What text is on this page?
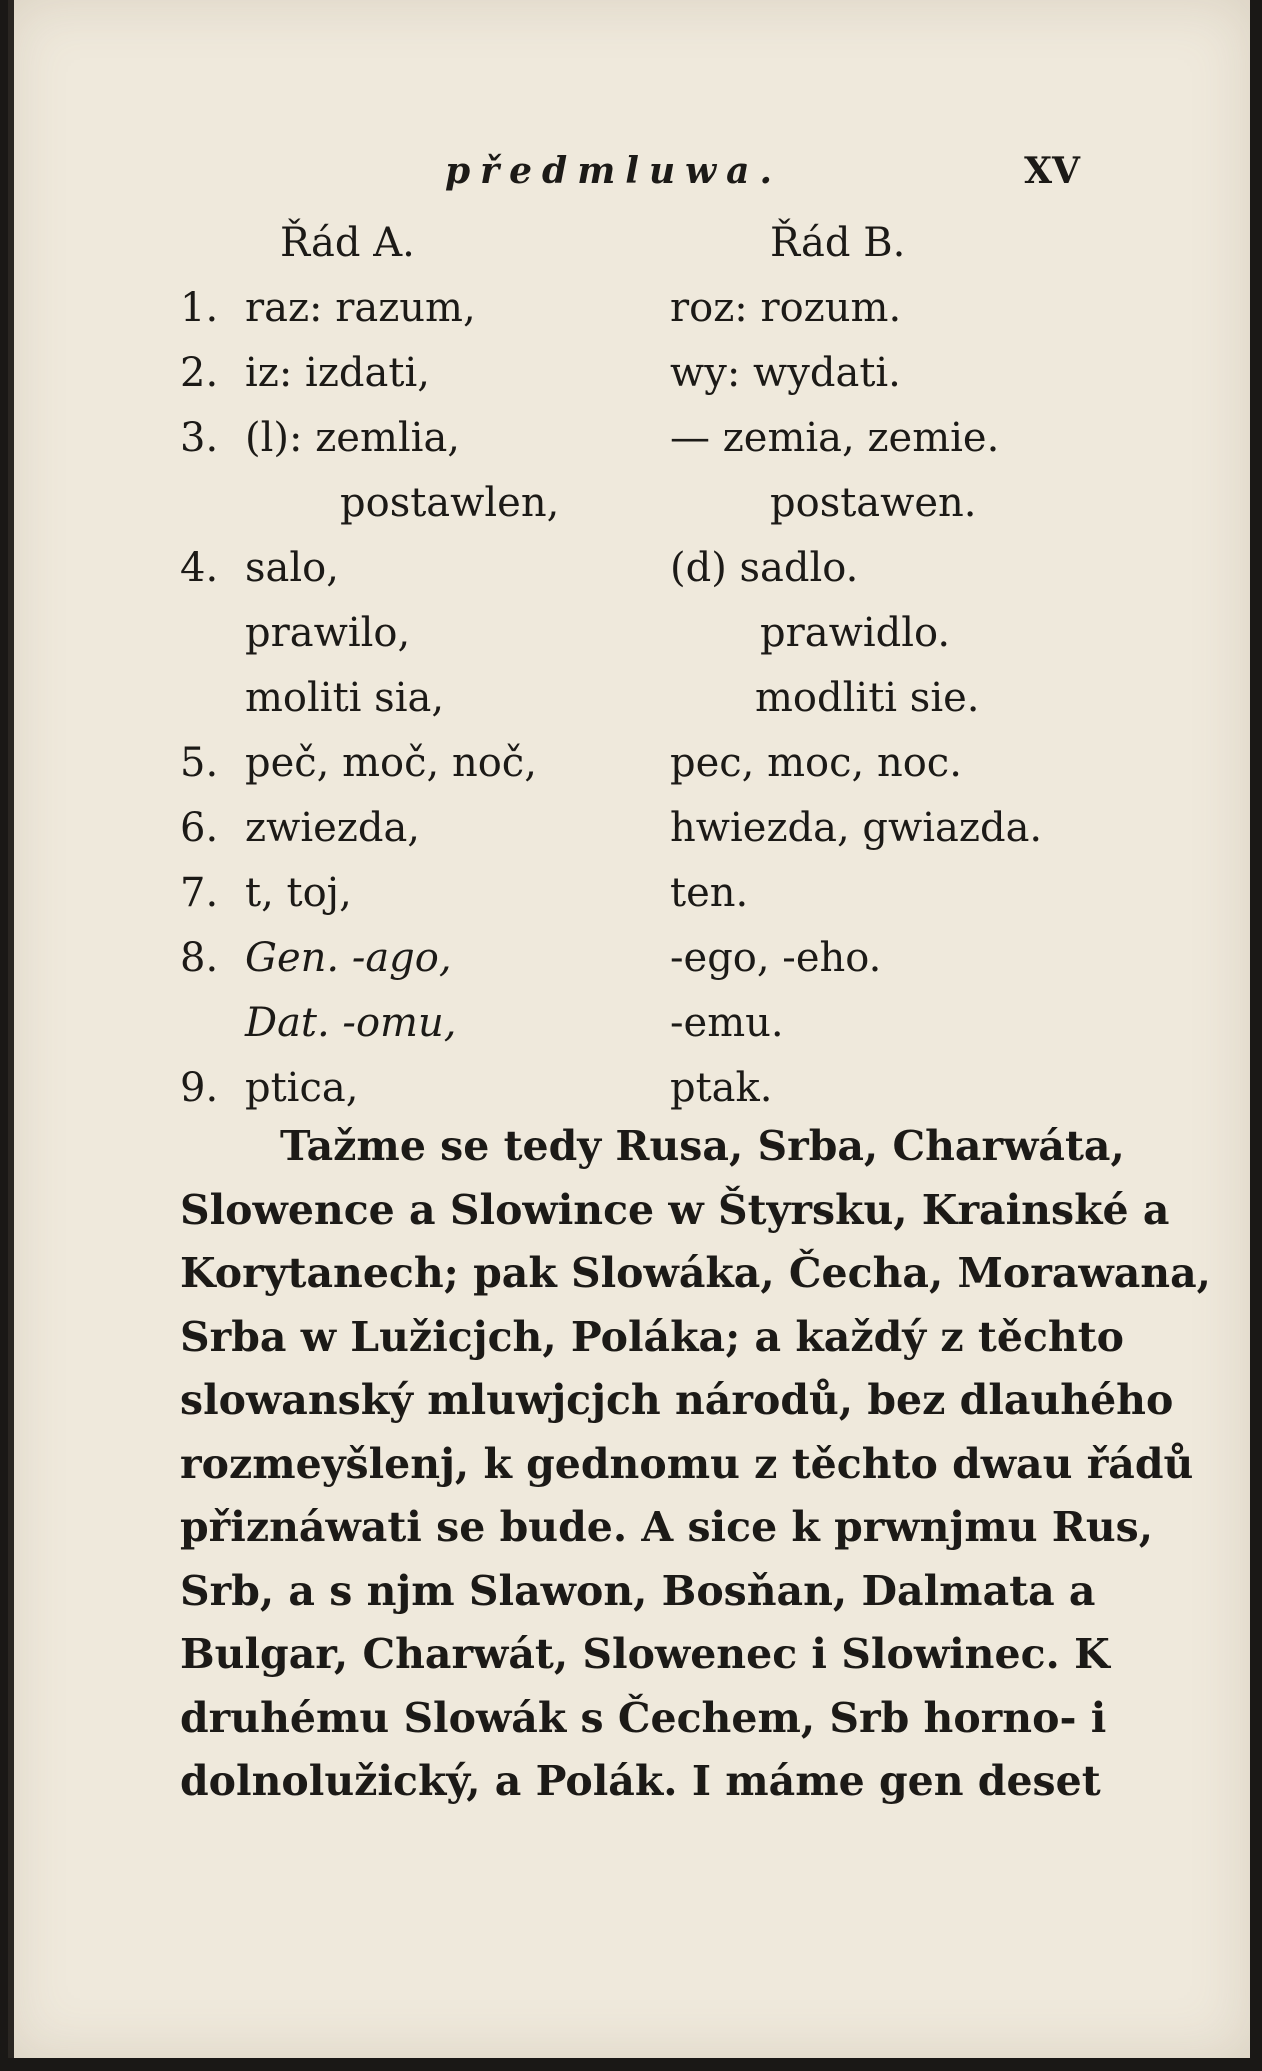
předmluwa.	XV
Řád A.	Řád B.
1. raz: razum,	roz: rozum.
2. iz: izdati,	wy: wydati.
3. (l): zemlia,	— zemia, zemie.
postawlen,	postawen.
4. salo,	(d) sadlo.
prawilo,	prawidlo.
moliti sia,	modliti sie.
5. peč, moč, noč,	pec, moc, noc.
6. zwiezda,	hwiezda, gwiazda.
7. t, toj,	ten.
8. Gen. -ago,	-ego, -eho.
Dat. -omu,	-emu.
9. ptica,	ptak.
Tažme se tedy Rusa, Srba, Charwáta,
Slowence a Slowince w Štyrsku, Krainské a
Korytanech; pak Slowáka, Čecha, Morawana,
Srba w Lužicjch, Poláka; a každý z těchto
slowanský mluwjcjch národů, bez dlauhého
rozmeyšlenj, k gednomu z těchto dwau řádů
přiznáwati se bude. A sice k prwnjmu Rus,
Srb, a s njm Slawon, Bosňan, Dalmata a
Bulgar, Charwát, Slowenec i Slowinec. K
druhému Slowák s Čechem, Srb horno- i
dolnolužický, a Polák. I máme gen deset
